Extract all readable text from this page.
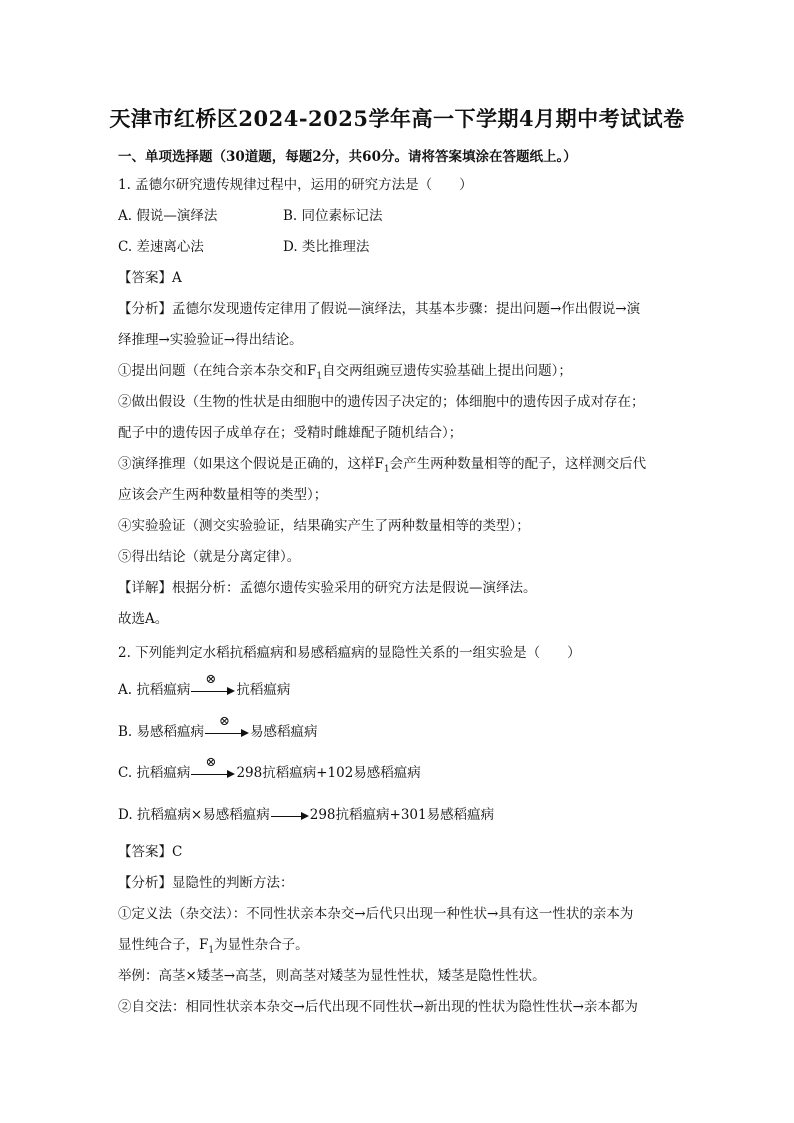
天津市红桥区2024-2025学年高一下学期4月期中考试试卷
一、单项选择题（30道题，每题2分，共60分。请将答案填涂在答题纸上。）
1. 孟德尔研究遗传规律过程中，运用的研究方法是（　　）
A. 假说—演绎法	B. 同位素标记法
C. 差速离心法	D. 类比推理法
【答案】A
【分析】孟德尔发现遗传定律用了假说—演绎法，其基本步骤：提出问题→作出假说→演
绎推理→实验验证→得出结论。
①提出问题（在纯合亲本杂交和$F_1$自交两组豌豆遗传实验基础上提出问题）；
②做出假设（生物的性状是由细胞中的遗传因子决定的；体细胞中的遗传因子成对存在；
配子中的遗传因子成单存在；受精时雌雄配子随机结合）；
③演绎推理（如果这个假说是正确的，这样$F_1$会产生两种数量相等的配子，这样测交后代
应该会产生两种数量相等的类型）；
④实验验证（测交实验验证，结果确实产生了两种数量相等的类型）；
⑤得出结论（就是分离定律）。
【详解】根据分析：孟德尔遗传实验采用的研究方法是假说—演绎法。
故选A。
2. 下列能判定水稻抗稻瘟病和易感稻瘟病的显隐性关系的一组实验是（　　）
A. 抗稻瘟病
⊗
抗稻瘟病
B. 易感稻瘟病
⊗
易感稻瘟病
C. 抗稻瘟病
⊗
298抗稻瘟病+102易感稻瘟病
D. 抗稻瘟病×易感稻瘟病	298抗稻瘟病+301易感稻瘟病
【答案】C
【分析】显隐性的判断方法：
①定义法（杂交法）：不同性状亲本杂交→后代只出现一种性状→具有这一性状的亲本为
显性纯合子，$F_1$为显性杂合子。
举例：高茎×矮茎→高茎，则高茎对矮茎为显性性状，矮茎是隐性性状。
②自交法：相同性状亲本杂交→后代出现不同性状→新出现的性状为隐性性状→亲本都为
